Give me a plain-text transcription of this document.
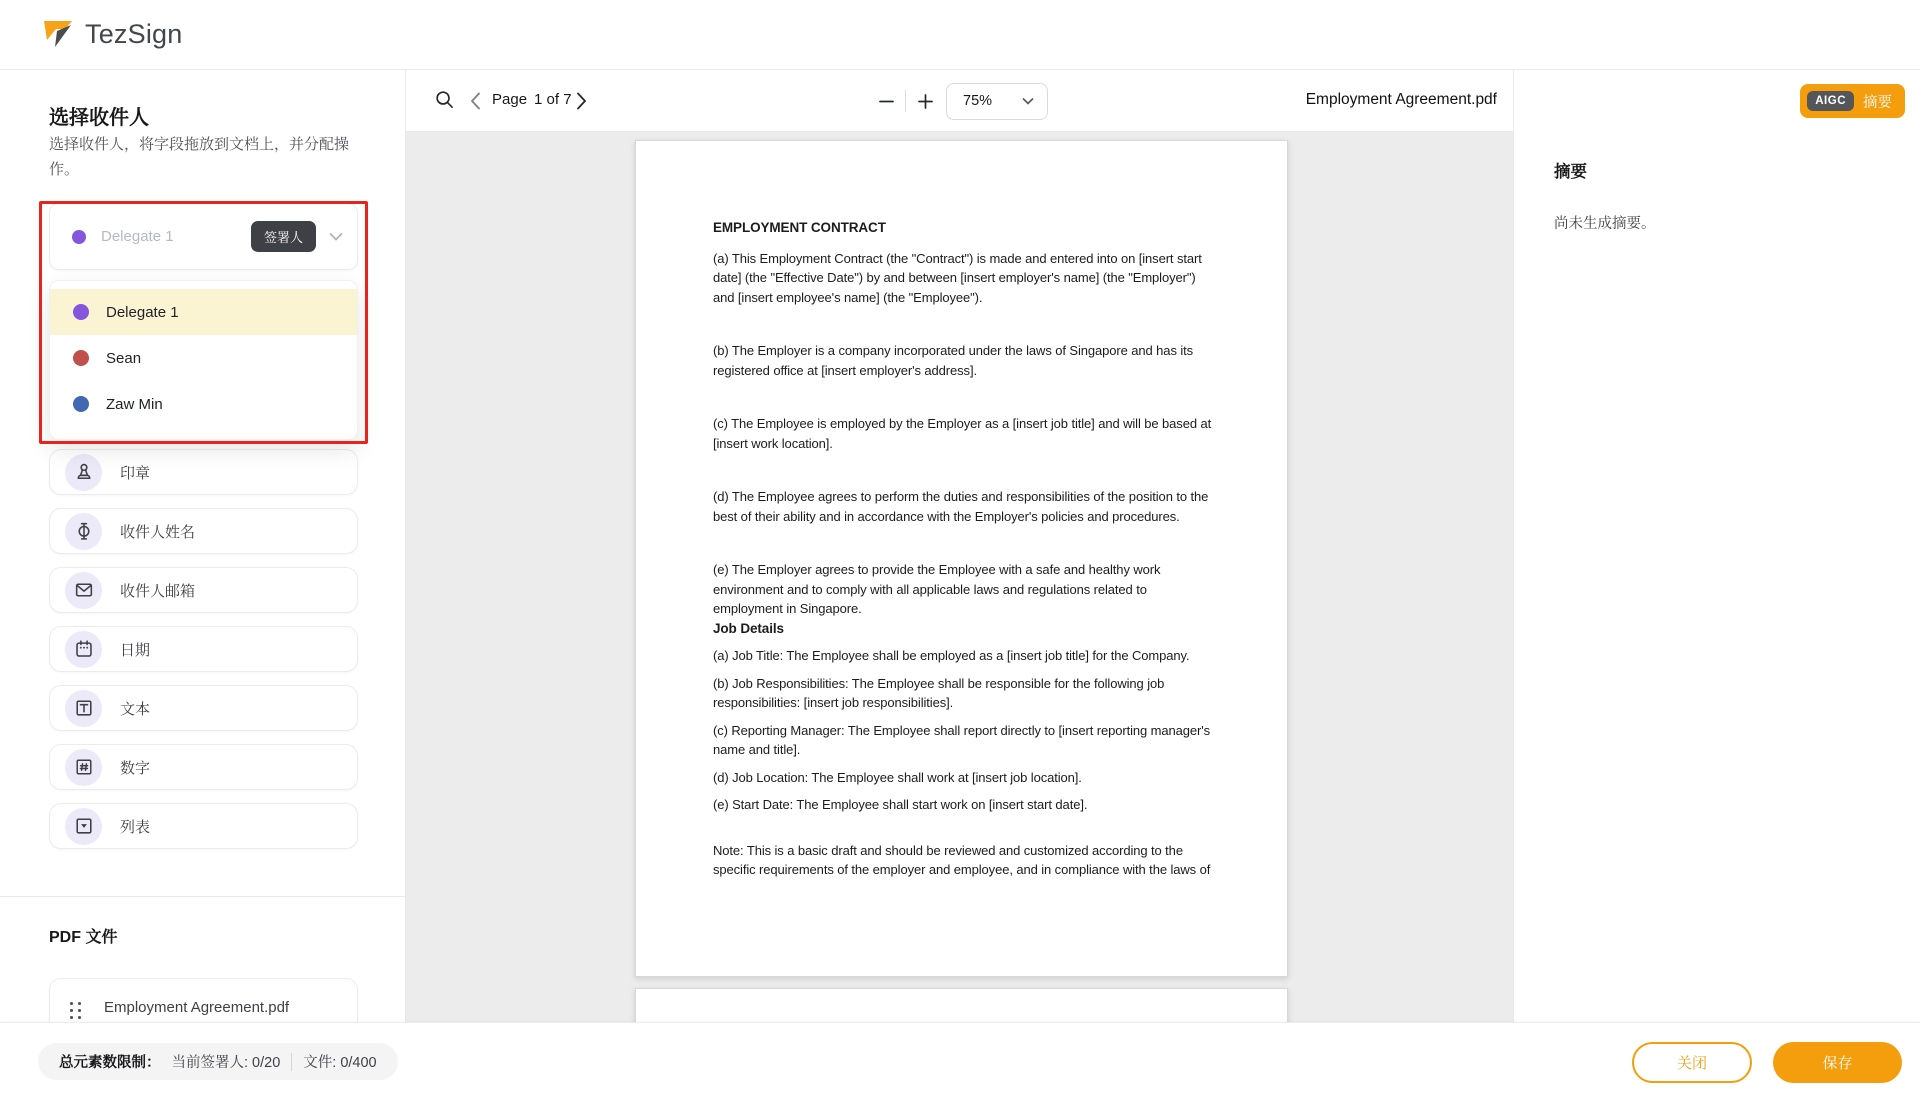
TezSign
选择收件人
选择收件人，将字段拖放到文档上，并分配操作。
Delegate 1	签署人
Delegate 1
Sean
Zaw Min
印章
收件人姓名
收件人邮箱
日期
文本
数字
列表
PDF 文件
Employment Agreement.pdf
Page 1 of 7	75%	Employment Agreement.pdf

EMPLOYMENT CONTRACT

(a) This Employment Contract (the "Contract") is made and entered into on [insert start date] (the "Effective Date") by and between [insert employer's name] (the "Employer") and [insert employee's name] (the "Employee").

(b) The Employer is a company incorporated under the laws of Singapore and has its registered office at [insert employer's address].

(c) The Employee is employed by the Employer as a [insert job title] and will be based at [insert work location].

(d) The Employee agrees to perform the duties and responsibilities of the position to the best of their ability and in accordance with the Employer's policies and procedures.

(e) The Employer agrees to provide the Employee with a safe and healthy work environment and to comply with all applicable laws and regulations related to employment in Singapore.

Job Details

(a) Job Title: The Employee shall be employed as a [insert job title] for the Company.

(b) Job Responsibilities: The Employee shall be responsible for the following job responsibilities: [insert job responsibilities].

(c) Reporting Manager: The Employee shall report directly to [insert reporting manager's name and title].

(d) Job Location: The Employee shall work at [insert job location].

(e) Start Date: The Employee shall start work on [insert start date].

Note: This is a basic draft and should be reviewed and customized according to the specific requirements of the employer and employee, and in compliance with the laws of

AIGC	摘要
摘要
尚未生成摘要。
总元素数限制： 当前签署人: 0/20 文件: 0/400	关闭	保存
